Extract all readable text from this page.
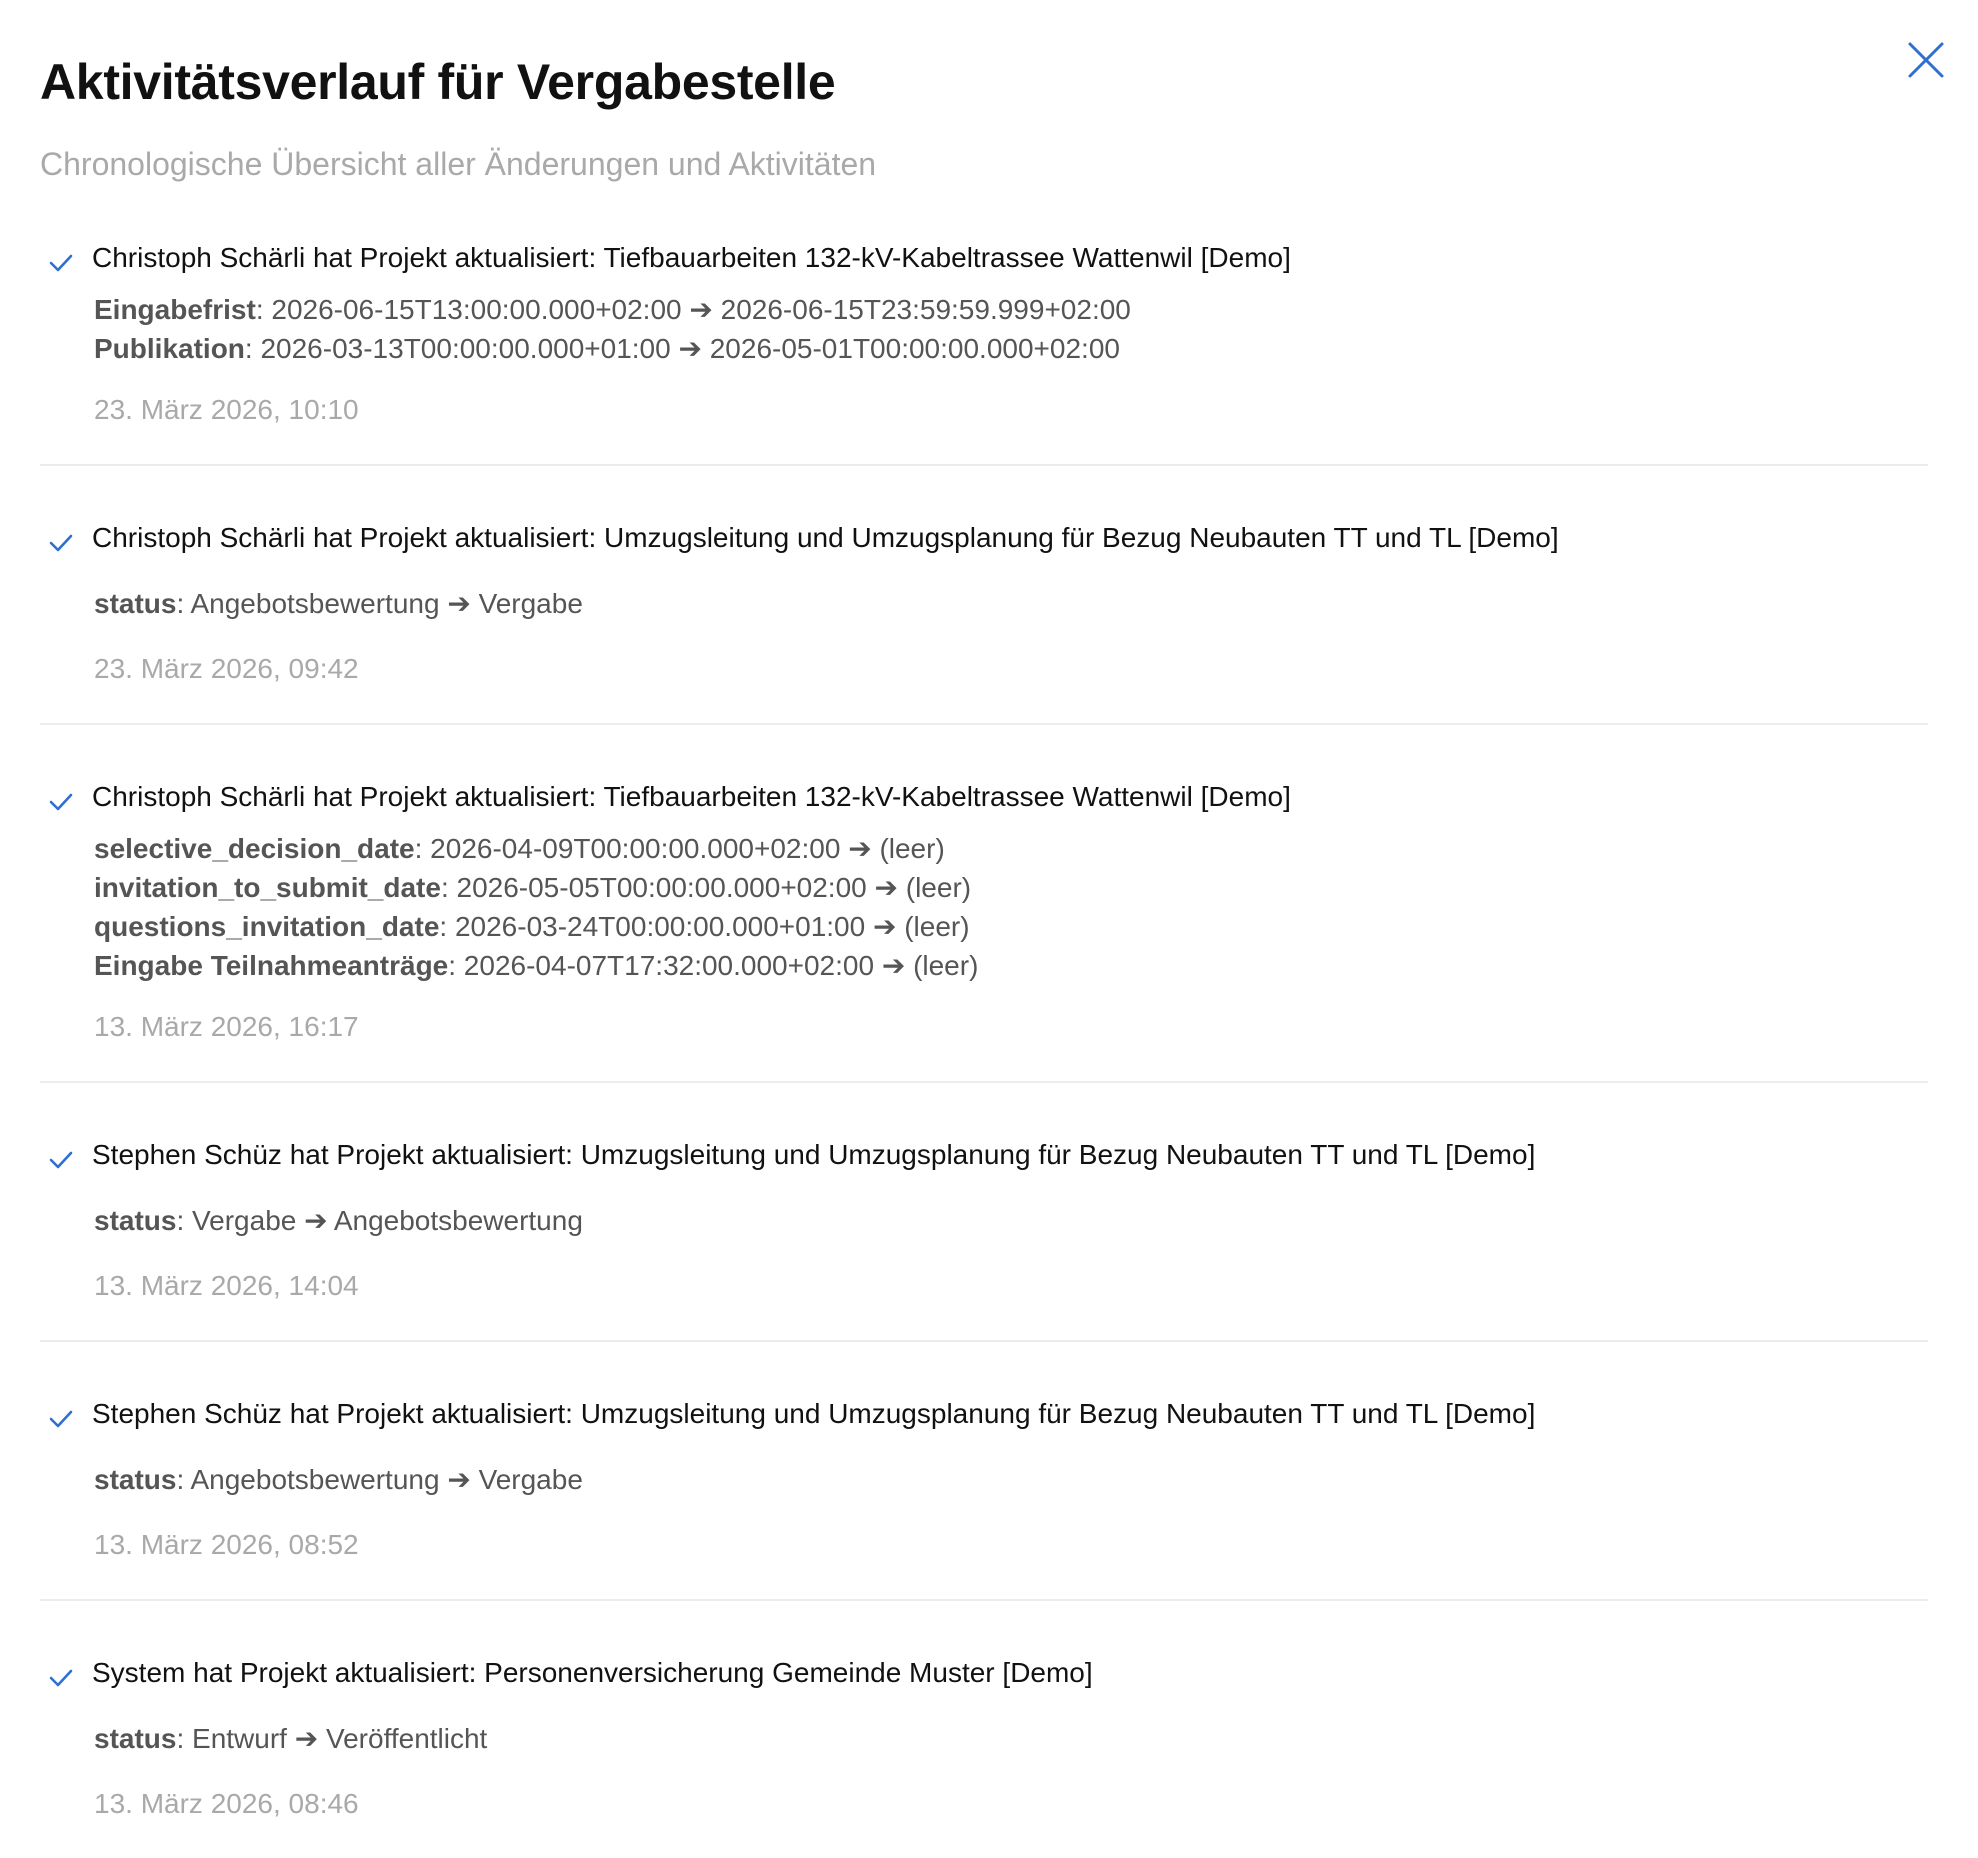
Aktivitätsverlauf für Vergabestelle

Chronologische Übersicht aller Änderungen und Aktivitäten

Christoph Schärli hat Projekt aktualisiert: Tiefbauarbeiten 132-kV-Kabeltrassee Wattenwil [Demo]
Eingabefrist: 2026-06-15T13:00:00.000+02:00 ➔ 2026-06-15T23:59:59.999+02:00
Publikation: 2026-03-13T00:00:00.000+01:00 ➔ 2026-05-01T00:00:00.000+02:00
23. März 2026, 10:10
Christoph Schärli hat Projekt aktualisiert: Umzugsleitung und Umzugsplanung für Bezug Neubauten TT und TL [Demo]
status: Angebotsbewertung ➔ Vergabe
23. März 2026, 09:42
Christoph Schärli hat Projekt aktualisiert: Tiefbauarbeiten 132-kV-Kabeltrassee Wattenwil [Demo]
selective_decision_date: 2026-04-09T00:00:00.000+02:00 ➔ (leer)
invitation_to_submit_date: 2026-05-05T00:00:00.000+02:00 ➔ (leer)
questions_invitation_date: 2026-03-24T00:00:00.000+01:00 ➔ (leer)
Eingabe Teilnahmeanträge: 2026-04-07T17:32:00.000+02:00 ➔ (leer)
13. März 2026, 16:17
Stephen Schüz hat Projekt aktualisiert: Umzugsleitung und Umzugsplanung für Bezug Neubauten TT und TL [Demo]
status: Vergabe ➔ Angebotsbewertung
13. März 2026, 14:04
Stephen Schüz hat Projekt aktualisiert: Umzugsleitung und Umzugsplanung für Bezug Neubauten TT und TL [Demo]
status: Angebotsbewertung ➔ Vergabe
13. März 2026, 08:52
System hat Projekt aktualisiert: Personenversicherung Gemeinde Muster [Demo]
status: Entwurf ➔ Veröffentlicht
13. März 2026, 08:46
